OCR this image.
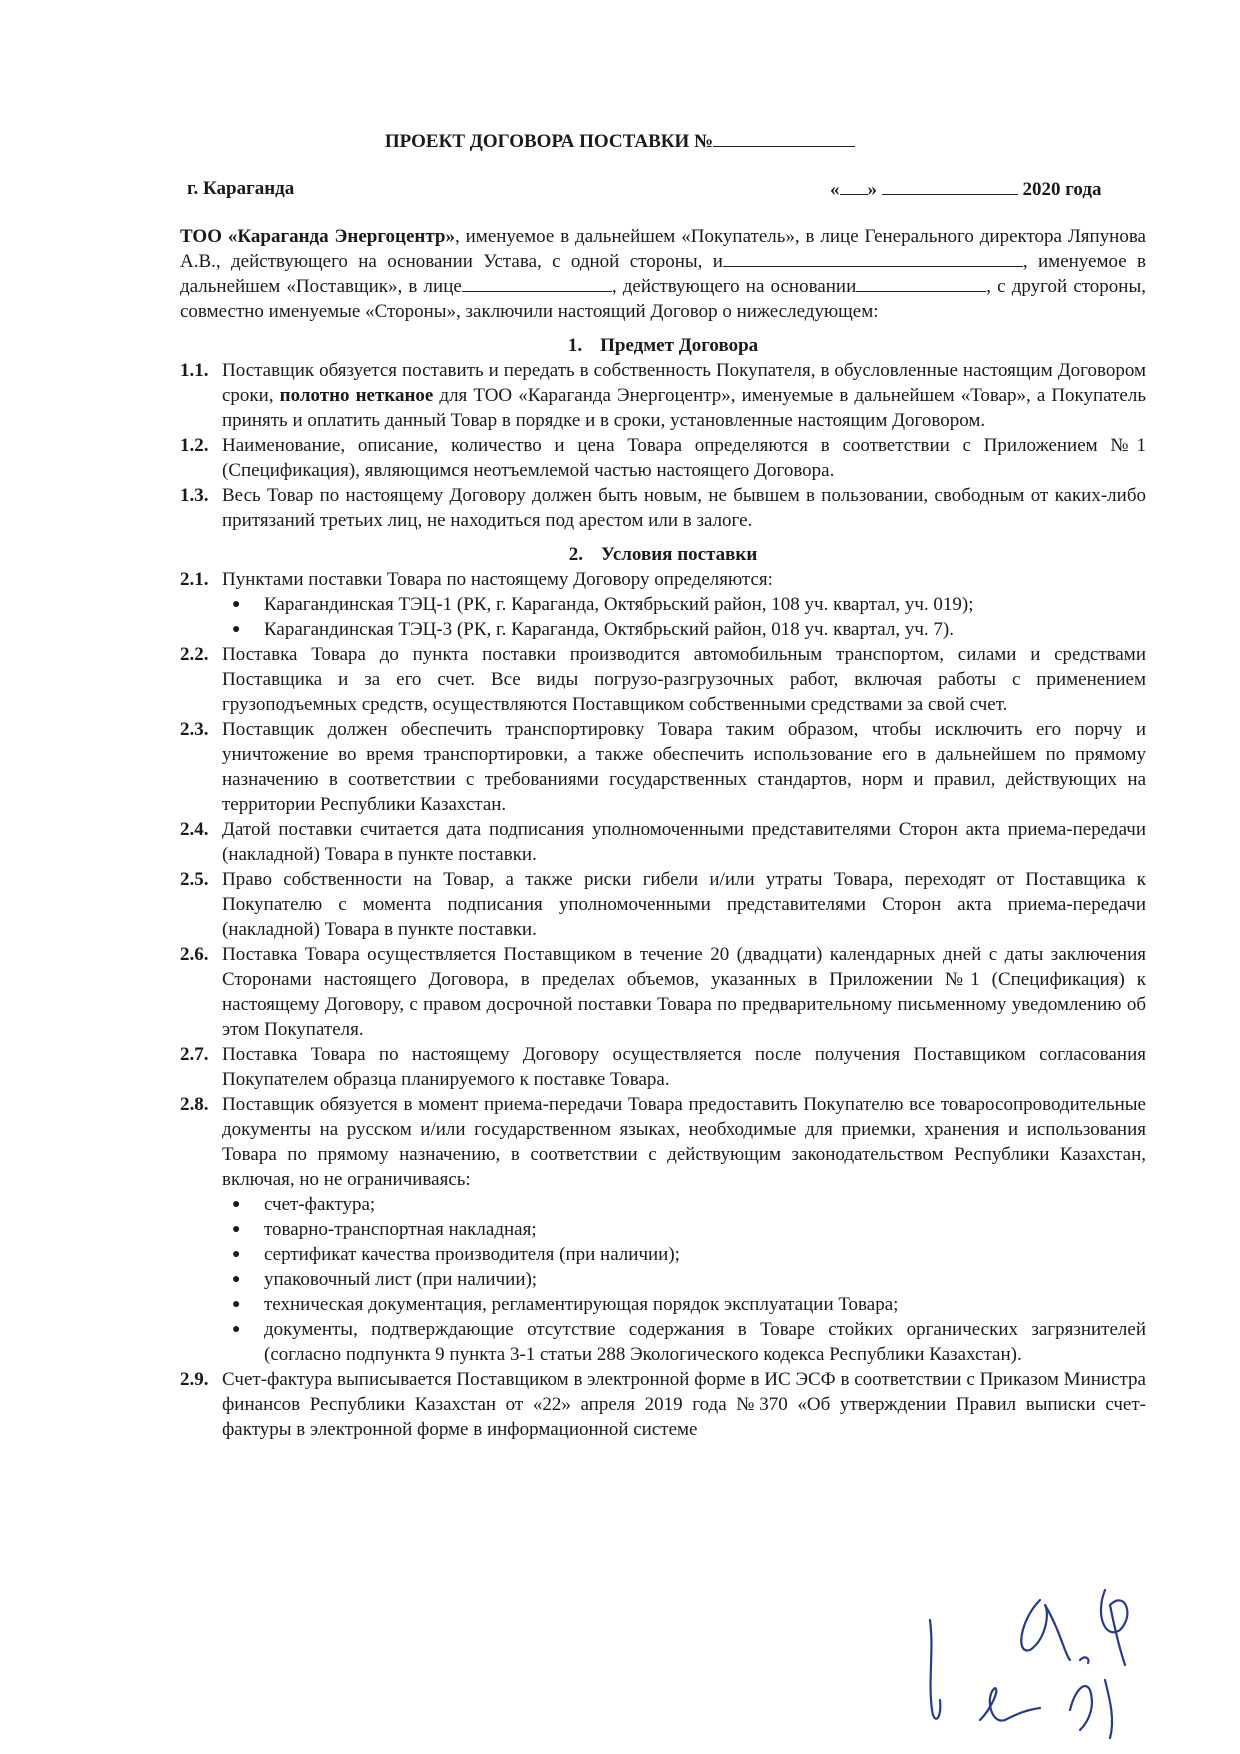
ПРОЕКТ ДОГОВОРА ПОСТАВКИ №
г. Караганда	« »	2020 года

ТОО «Караганда Энергоцентр», именуемое в дальнейшем «Покупатель», в лице Генерального директора Ляпунова А.В., действующего на основании Устава, с одной стороны, и	, именуемое в дальнейшем «Поставщик», в лице	, действующего на основании	, с другой стороны, совместно именуемые «Стороны», заключили настоящий Договор о нижеследующем:

1. Предмет Договора
1.1. Поставщик обязуется поставить и передать в собственность Покупателя, в обусловленные настоящим Договором сроки, полотно нетканое для ТОО «Караганда Энергоцентр», именуемые в дальнейшем «Товар», а Покупатель принять и оплатить данный Товар в порядке и в сроки, установленные настоящим Договором.
1.2. Наименование, описание, количество и цена Товара определяются в соответствии с Приложением №1 (Спецификация), являющимся неотъемлемой частью настоящего Договора.
1.3. Весь Товар по настоящему Договору должен быть новым, не бывшем в пользовании, свободным от каких-либо притязаний третьих лиц, не находиться под арестом или в залоге.
2. Условия поставки
2.1. Пунктами поставки Товара по настоящему Договору определяются:
●	Карагандинская ТЭЦ-1 (РК, г. Караганда, Октябрьский район, 108 уч. квартал, уч. 019);
●	Карагандинская ТЭЦ-3 (РК, г. Караганда, Октябрьский район, 018 уч. квартал, уч. 7).
2.2. Поставка Товара до пункта поставки производится автомобильным транспортом, силами и средствами Поставщика и за его счет. Все виды погрузо-разгрузочных работ, включая работы с применением грузоподъемных средств, осуществляются Поставщиком собственными средствами за свой счет.
2.3. Поставщик должен обеспечить транспортировку Товара таким образом, чтобы исключить его порчу и уничтожение во время транспортировки, а также обеспечить использование его в дальнейшем по прямому назначению в соответствии с требованиями государственных стандартов, норм и правил, действующих на территории Республики Казахстан.
2.4. Датой поставки считается дата подписания уполномоченными представителями Сторон акта приема-передачи (накладной) Товара в пункте поставки.
2.5. Право собственности на Товар, а также риски гибели и/или утраты Товара, переходят от Поставщика к Покупателю с момента подписания уполномоченными представителями Сторон акта приема-передачи (накладной) Товара в пункте поставки.
2.6. Поставка Товара осуществляется Поставщиком в течение 20 (двадцати) календарных дней с даты заключения Сторонами настоящего Договора, в пределах объемов, указанных в Приложении №1 (Спецификация) к настоящему Договору, с правом досрочной поставки Товара по предварительному письменному уведомлению об этом Покупателя.
2.7. Поставка Товара по настоящему Договору осуществляется после получения Поставщиком согласования Покупателем образца планируемого к поставке Товара.
2.8. Поставщик обязуется в момент приема-передачи Товара предоставить Покупателю все товаросопроводительные документы на русском и/или государственном языках, необходимые для приемки, хранения и использования Товара по прямому назначению, в соответствии с действующим законодательством Республики Казахстан, включая, но не ограничиваясь:
●	счет-фактура;
●	товарно-транспортная накладная;
●	сертификат качества производителя (при наличии);
●	упаковочный лист (при наличии);
●	техническая документация, регламентирующая порядок эксплуатации Товара;
●	документы, подтверждающие отсутствие содержания в Товаре стойких органических загрязнителей (согласно подпункта 9 пункта 3-1 статьи 288 Экологического кодекса Республики Казахстан).
2.9. Счет-фактура выписывается Поставщиком в электронной форме в ИС ЭСФ в соответствии с Приказом Министра финансов Республики Казахстан от «22» апреля 2019 года №370 «Об утверждении Правил выписки счет-фактуры в электронной форме в информационной системе
